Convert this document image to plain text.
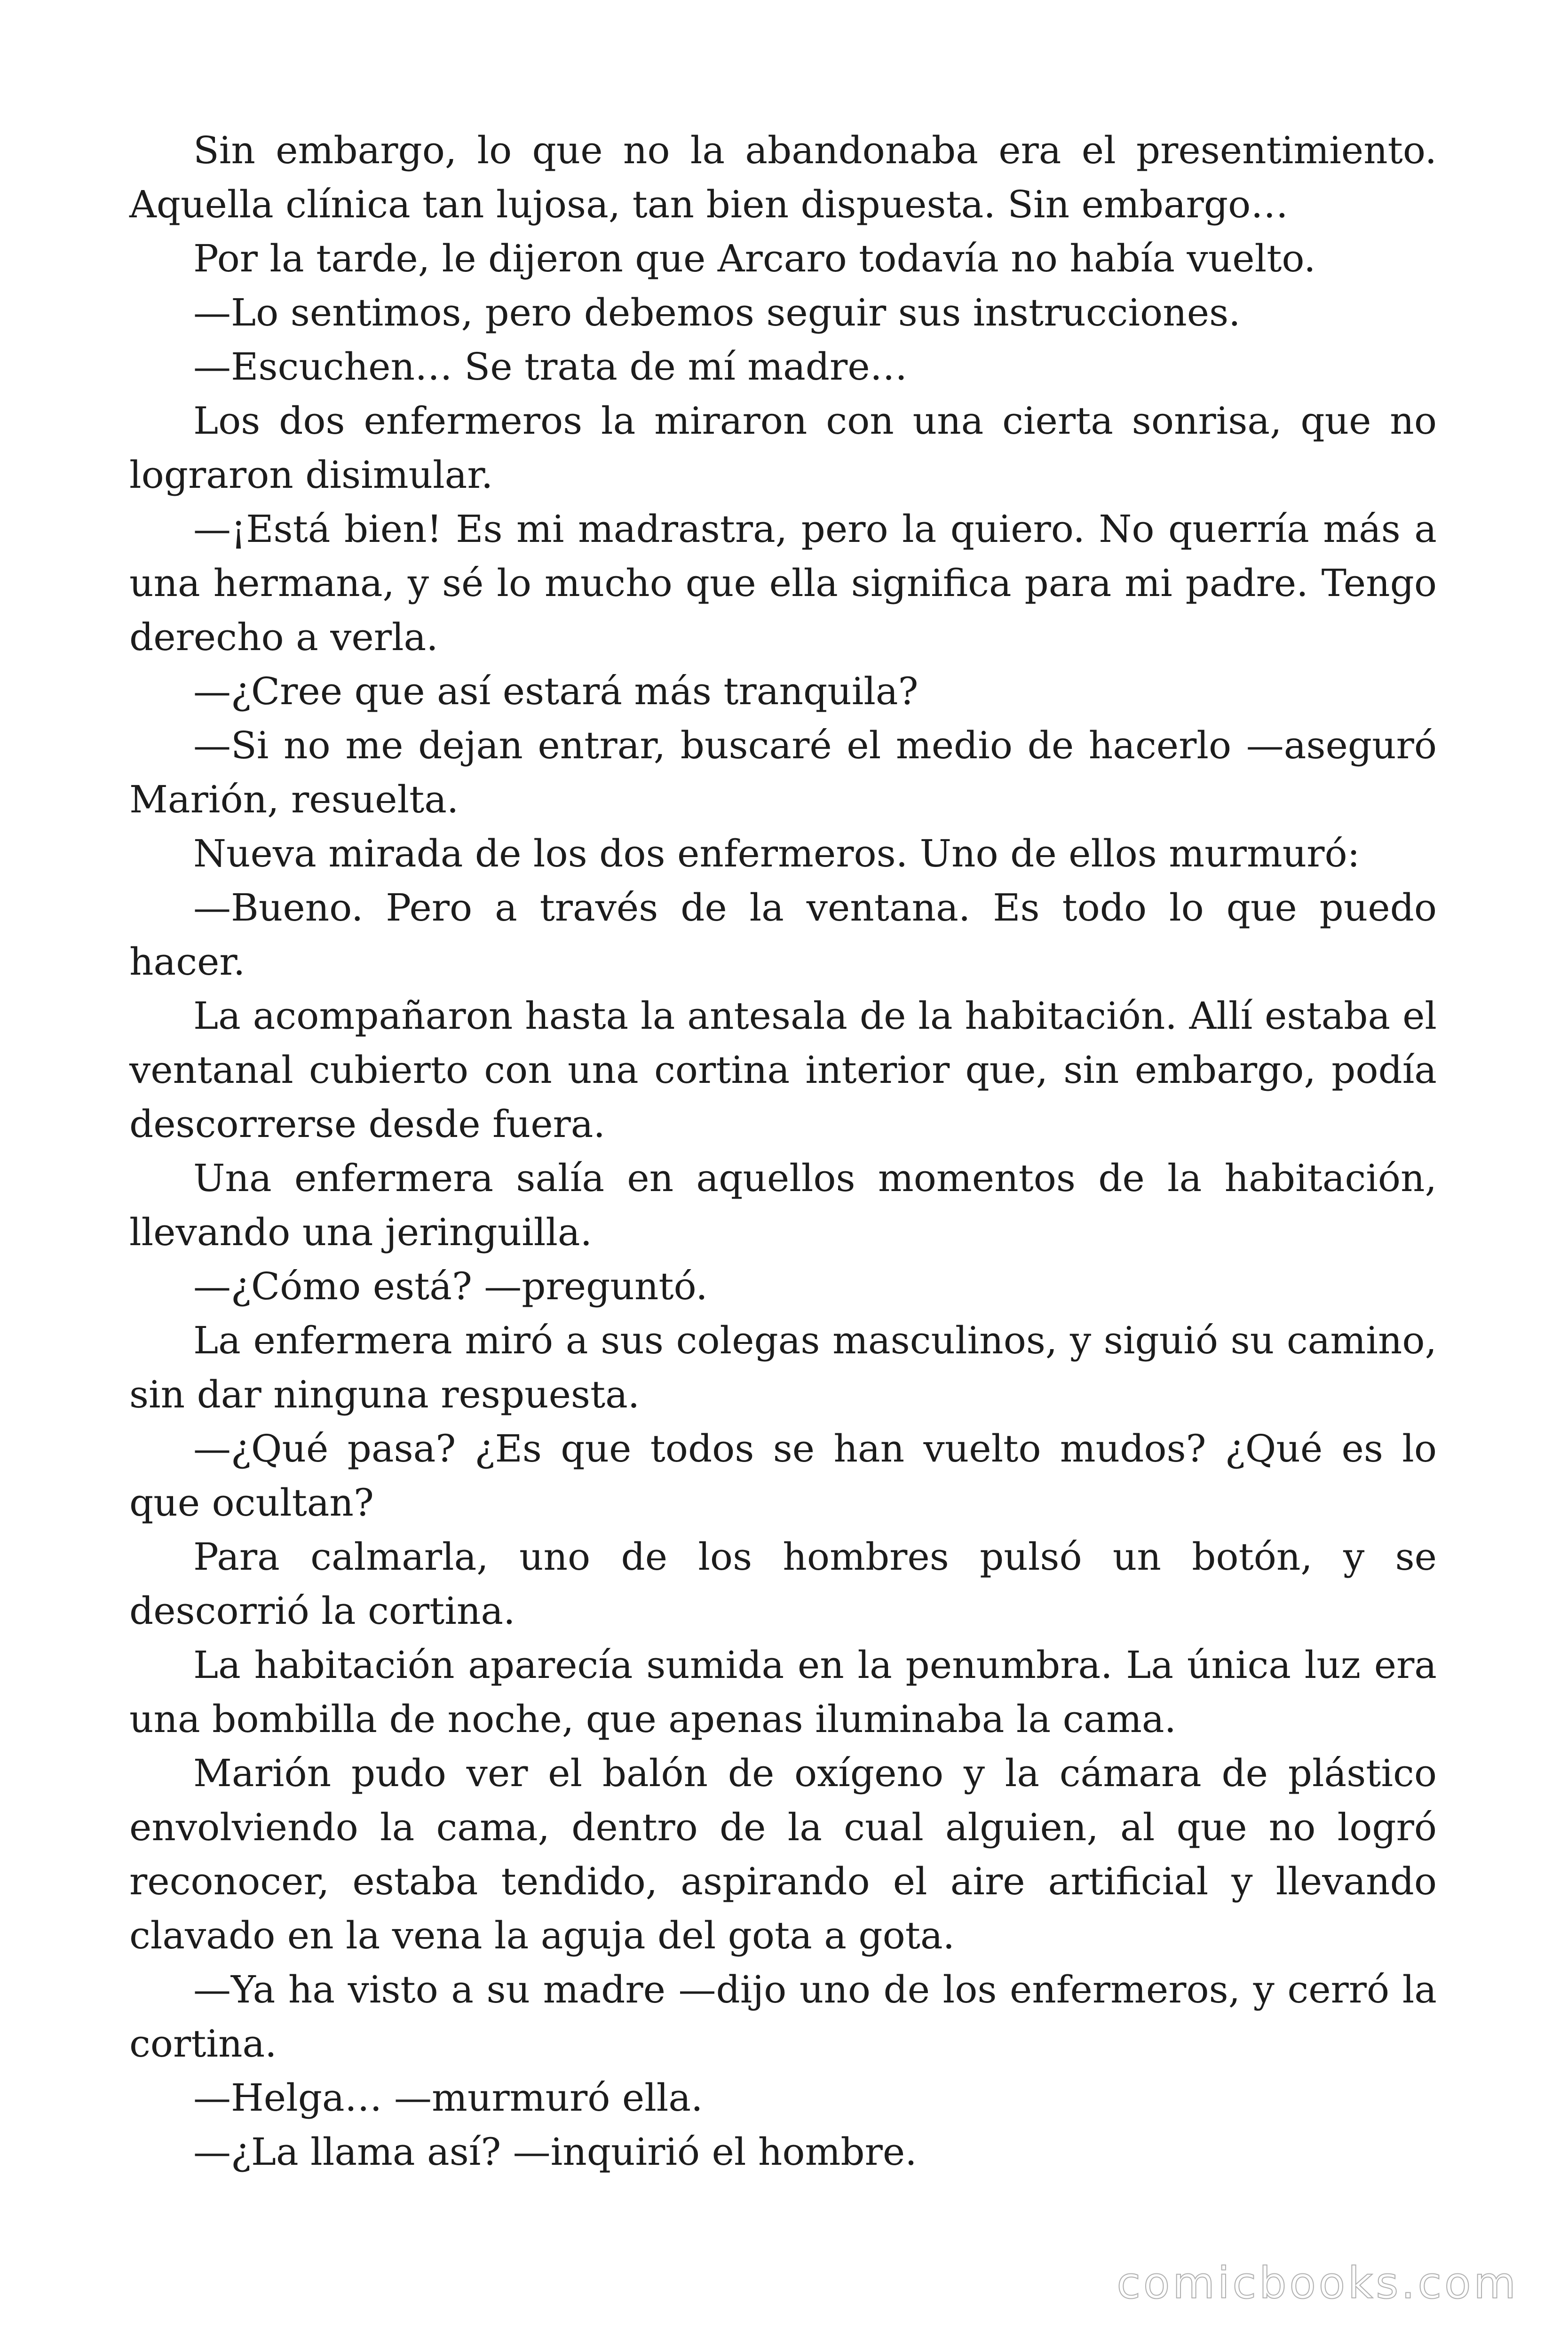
Sin embargo, lo que no la abandonaba era el presentimiento. Aquella clínica tan lujosa, tan bien dispuesta. Sin embargo…

Por la tarde, le dijeron que Arcaro todavía no había vuelto.

—Lo sentimos, pero debemos seguir sus instrucciones.

—Escuchen… Se trata de mí madre…

Los dos enfermeros la miraron con una cierta sonrisa, que no lograron disimular.

—¡Está bien! Es mi madrastra, pero la quiero. No querría más a una hermana, y sé lo mucho que ella significa para mi padre. Tengo derecho a verla.

—¿Cree que así estará más tranquila?

—Si no me dejan entrar, buscaré el medio de hacerlo —aseguró Marión, resuelta.

Nueva mirada de los dos enfermeros. Uno de ellos murmuró:

—Bueno. Pero a través de la ventana. Es todo lo que puedo hacer.

La acompañaron hasta la antesala de la habitación. Allí estaba el ventanal cubierto con una cortina interior que, sin embargo, podía descorrerse desde fuera.

Una enfermera salía en aquellos momentos de la habitación, llevando una jeringuilla.

—¿Cómo está? —preguntó.

La enfermera miró a sus colegas masculinos, y siguió su camino, sin dar ninguna respuesta.

—¿Qué pasa? ¿Es que todos se han vuelto mudos? ¿Qué es lo que ocultan?

Para calmarla, uno de los hombres pulsó un botón, y se descorrió la cortina.

La habitación aparecía sumida en la penumbra. La única luz era una bombilla de noche, que apenas iluminaba la cama.

Marión pudo ver el balón de oxígeno y la cámara de plástico envolviendo la cama, dentro de la cual alguien, al que no logró reconocer, estaba tendido, aspirando el aire artificial y llevando clavado en la vena la aguja del gota a gota.

—Ya ha visto a su madre —dijo uno de los enfermeros, y cerró la cortina.

—Helga… —murmuró ella.

—¿La llama así? —inquirió el hombre.

comicbooks.com
